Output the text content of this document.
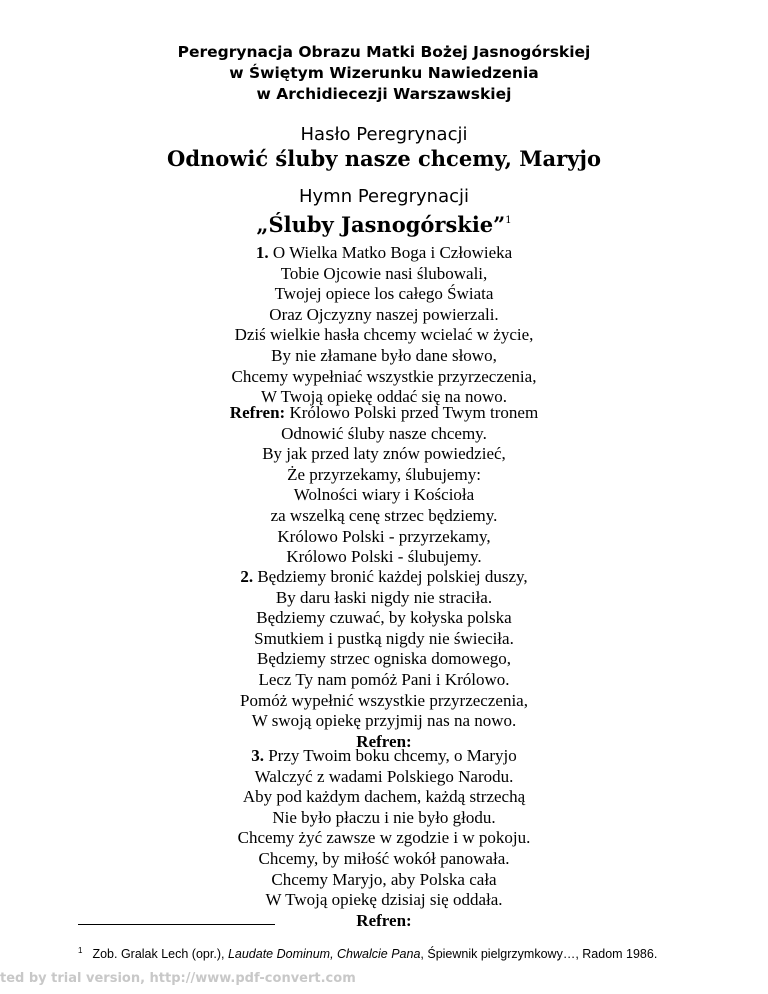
Peregrynacja Obrazu Matki Bożej Jasnogórskiej
w Świętym Wizerunku Nawiedzenia
w Archidiecezji Warszawskiej
Hasło Peregrynacji
Odnowić śluby nasze chcemy, Maryjo
Hymn Peregrynacji
„Śluby Jasnogórskie”$^1$
1. O Wielka Matko Boga i Człowieka
Tobie Ojcowie nasi ślubowali,
Twojej opiece los całego Świata
Oraz Ojczyzny naszej powierzali.
Dziś wielkie hasła chcemy wcielać w życie,
By nie złamane było dane słowo,
Chcemy wypełniać wszystkie przyrzeczenia,
W Twoją opiekę oddać się na nowo.
Refren: Królowo Polski przed Twym tronem
Odnowić śluby nasze chcemy.
By jak przed laty znów powiedzieć,
Że przyrzekamy, ślubujemy:
Wolności wiary i Kościoła
za wszelką cenę strzec będziemy.
Królowo Polski - przyrzekamy,
Królowo Polski - ślubujemy.
2. Będziemy bronić każdej polskiej duszy,
By daru łaski nigdy nie straciła.
Będziemy czuwać, by kołyska polska
Smutkiem i pustką nigdy nie świeciła.
Będziemy strzec ogniska domowego,
Lecz Ty nam pomóż Pani i Królowo.
Pomóż wypełnić wszystkie przyrzeczenia,
W swoją opiekę przyjmij nas na nowo.
Refren:
3. Przy Twoim boku chcemy, o Maryjo
Walczyć z wadami Polskiego Narodu.
Aby pod każdym dachem, każdą strzechą
Nie było płaczu i nie było głodu.
Chcemy żyć zawsze w zgodzie i w pokoju.
Chcemy, by miłość wokół panowała.
Chcemy Maryjo, aby Polska cała
W Twoją opiekę dzisiaj się oddała.
Refren:
$^1$ Zob. Gralak Lech (opr.), Laudate Dominum, Chwalcie Pana, Śpiewnik pielgrzymkowy…, Radom 1986.
ted by trial version, http://www.pdf-convert.com
